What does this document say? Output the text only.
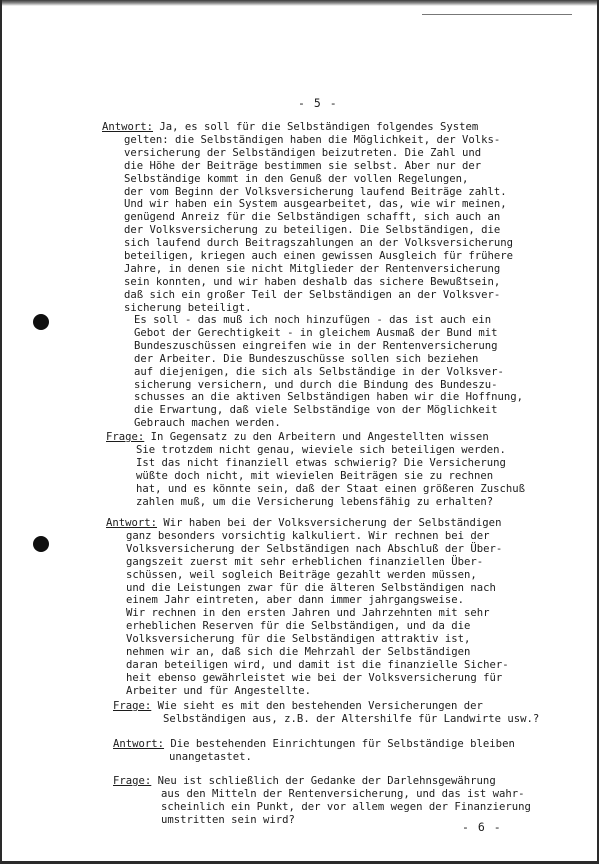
- 5 -
Antwort: Ja, es soll für die Selbständigen folgendes System
gelten: die Selbständigen haben die Möglichkeit, der Volks-
versicherung der Selbständigen beizutreten. Die Zahl und
die Höhe der Beiträge bestimmen sie selbst. Aber nur der
Selbständige kommt in den Genuß der vollen Regelungen,
der vom Beginn der Volksversicherung laufend Beiträge zahlt.
Und wir haben ein System ausgearbeitet, das, wie wir meinen,
genügend Anreiz für die Selbständigen schafft, sich auch an
der Volksversicherung zu beteiligen. Die Selbständigen, die
sich laufend durch Beitragszahlungen an der Volksversicherung
beteiligen, kriegen auch einen gewissen Ausgleich für frühere
Jahre, in denen sie nicht Mitglieder der Rentenversicherung
sein konnten, und wir haben deshalb das sichere Bewußtsein,
daß sich ein großer Teil der Selbständigen an der Volksver-
sicherung beteiligt.
Es soll - das muß ich noch hinzufügen - das ist auch ein
Gebot der Gerechtigkeit - in gleichem Ausmaß der Bund mit
Bundeszuschüssen eingreifen wie in der Rentenversicherung
der Arbeiter. Die Bundeszuschüsse sollen sich beziehen
auf diejenigen, die sich als Selbständige in der Volksver-
sicherung versichern, und durch die Bindung des Bundeszu-
schusses an die aktiven Selbständigen haben wir die Hoffnung,
die Erwartung, daß viele Selbständige von der Möglichkeit
Gebrauch machen werden.
Frage: In Gegensatz zu den Arbeitern und Angestellten wissen
Sie trotzdem nicht genau, wieviele sich beteiligen werden.
Ist das nicht finanziell etwas schwierig? Die Versicherung
wüßte doch nicht, mit wievielen Beiträgen sie zu rechnen
hat, und es könnte sein, daß der Staat einen größeren Zuschuß
zahlen muß, um die Versicherung lebensfähig zu erhalten?
Antwort: Wir haben bei der Volksversicherung der Selbständigen
ganz besonders vorsichtig kalkuliert. Wir rechnen bei der
Volksversicherung der Selbständigen nach Abschluß der Über-
gangszeit zuerst mit sehr erheblichen finanziellen Über-
schüssen, weil sogleich Beiträge gezahlt werden müssen,
und die Leistungen zwar für die älteren Selbständigen nach
einem Jahr eintreten, aber dann immer jahrgangsweise.
Wir rechnen in den ersten Jahren und Jahrzehnten mit sehr
erheblichen Reserven für die Selbständigen, und da die
Volksversicherung für die Selbständigen attraktiv ist,
nehmen wir an, daß sich die Mehrzahl der Selbständigen
daran beteiligen wird, und damit ist die finanzielle Sicher-
heit ebenso gewährleistet wie bei der Volksversicherung für
Arbeiter und für Angestellte.
Frage: Wie sieht es mit den bestehenden Versicherungen der
Selbständigen aus, z.B. der Altershilfe für Landwirte usw.?
Antwort: Die bestehenden Einrichtungen für Selbständige bleiben
unangetastet.
Frage: Neu ist schließlich der Gedanke der Darlehnsgewährung
aus den Mitteln der Rentenversicherung, und das ist wahr-
scheinlich ein Punkt, der vor allem wegen der Finanzierung
umstritten sein wird?
- 6 -
